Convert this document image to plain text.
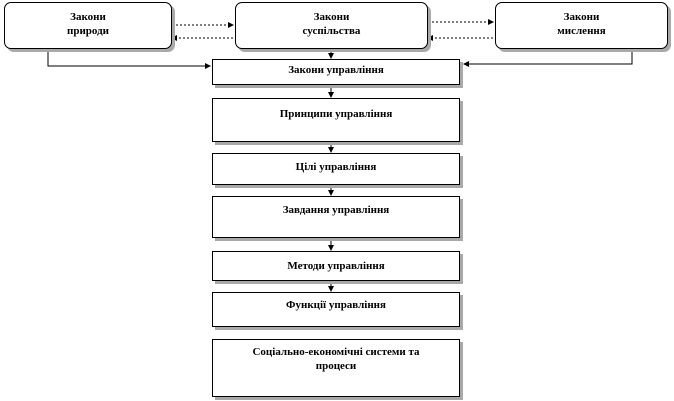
Закони
природи
Закони
суспільства
Закони
мислення
Закони управління
Принципи управління
Цілі управління
Завдання управління
Методи управління
Функції управління
Соціально-економічні системи та
процеси
